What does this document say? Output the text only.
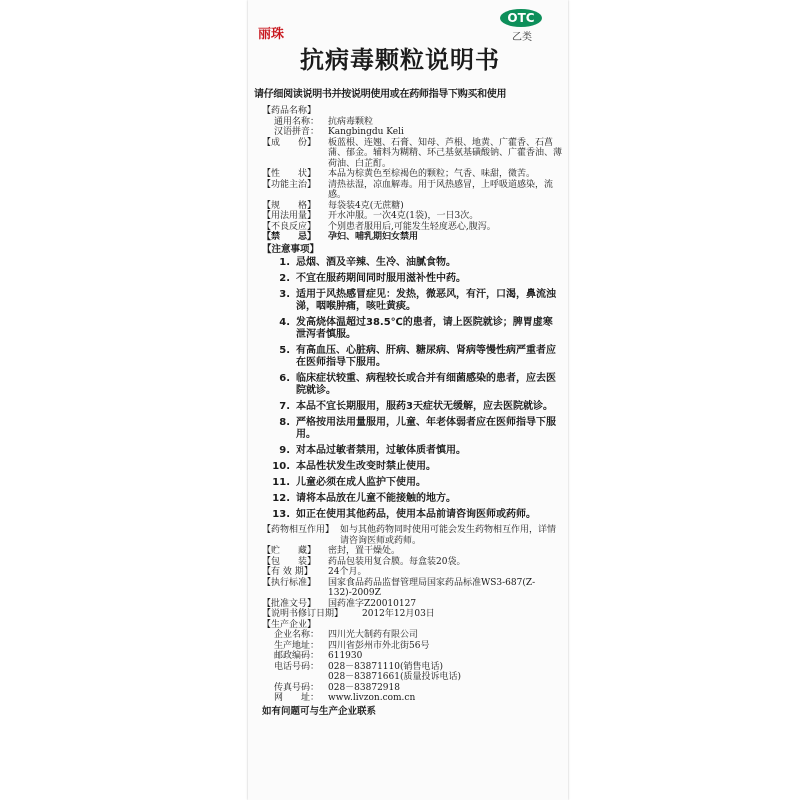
丽珠
OTC
乙类
抗病毒颗粒说明书
请仔细阅读说明书并按说明使用或在药师指导下购买和使用
【药品名称】
通用名称： 抗病毒颗粒
汉语拼音： Kangbingdu Keli
【成　　份】	板蓝根、连翘、石膏、知母、芦根、地黄、广藿香、石菖蒲、郁金。辅料为糊精、环己基氨基磺酸钠、广藿香油、薄荷油、白芷酊。
【性　　状】	本品为棕黄色至棕褐色的颗粒；气香、味甜，微苦。
【功能主治】	清热祛湿，凉血解毒。用于风热感冒，上呼吸道感染，流感。
【规　　格】	每袋装4克(无蔗糖)
【用法用量】	开水冲服。一次4克(1袋)，一日3次。
【不良反应】	个别患者服用后,可能发生轻度恶心,腹泻。
【禁　　忌】	孕妇、哺乳期妇女禁用
【注意事项】
1. 忌烟、酒及辛辣、生冷、油腻食物。
2. 不宜在服药期间同时服用滋补性中药。
3. 适用于风热感冒症见：发热，微恶风，有汗，口渴，鼻流浊涕，咽喉肿痛，咳吐黄痰。
4. 发高烧体温超过38.5℃的患者，请上医院就诊；脾胃虚寒泄泻者慎服。
5. 有高血压、心脏病、肝病、糖尿病、肾病等慢性病严重者应在医师指导下服用。
6. 临床症状较重、病程较长或合并有细菌感染的患者，应去医院就诊。
7. 本品不宜长期服用，服药3天症状无缓解，应去医院就诊。
8. 严格按用法用量服用，儿童、年老体弱者应在医师指导下服用。
9. 对本品过敏者禁用，过敏体质者慎用。
10. 本品性状发生改变时禁止使用。
11. 儿童必须在成人监护下使用。
12. 请将本品放在儿童不能接触的地方。
13. 如正在使用其他药品，使用本品前请咨询医师或药师。
【药物相互作用】 如与其他药物同时使用可能会发生药物相互作用，详情请咨询医师或药师。
【贮　　藏】	密封，置干燥处。
【包　　装】	药品包装用复合膜。每盒装20袋。
【有 效 期】	24个月。
【执行标准】	国家食品药品监督管理局国家药品标准WS3-687(Z-132)-2009Z
【批准文号】	国药准字Z20010127
【说明书修订日期】	2012年12月03日
【生产企业】
企业名称： 四川光大制药有限公司
生产地址： 四川省彭州市外北街56号
邮政编码： 611930
电话号码： 028－83871110(销售电话)
028－83871661(质量投诉电话)
传真号码： 028－83872918
网　　址： www.livzon.com.cn
如有问题可与生产企业联系
